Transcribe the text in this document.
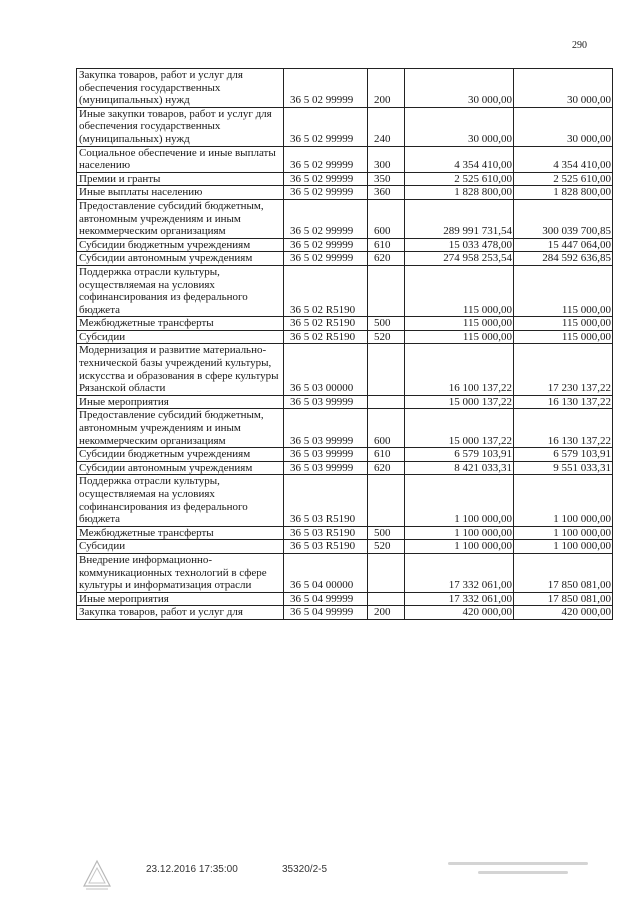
290
Закупка товаров, работ и услуг для обеспечения государственных (муниципальных) нужд	36 5 02 99999	200	30 000,00	30 000,00
Иные закупки товаров, работ и услуг для обеспечения государственных (муниципальных) нужд	36 5 02 99999	240	30 000,00	30 000,00
Социальное обеспечение и иные выплаты населению	36 5 02 99999	300	4 354 410,00	4 354 410,00
Премии и гранты	36 5 02 99999	350	2 525 610,00	2 525 610,00
Иные выплаты населению	36 5 02 99999	360	1 828 800,00	1 828 800,00
Предоставление субсидий бюджетным, автономным учреждениям и иным некоммерческим организациям	36 5 02 99999	600	289 991 731,54	300 039 700,85
Субсидии бюджетным учреждениям	36 5 02 99999	610	15 033 478,00	15 447 064,00
Субсидии автономным учреждениям	36 5 02 99999	620	274 958 253,54	284 592 636,85
Поддержка отрасли культуры, осуществляемая на условиях софинансирования из федерального бюджета	36 5 02 R5190		115 000,00	115 000,00
Межбюджетные трансферты	36 5 02 R5190	500	115 000,00	115 000,00
Субсидии	36 5 02 R5190	520	115 000,00	115 000,00
Модернизация и развитие материально-технической базы учреждений культуры, искусства и образования в сфере культуры Рязанской области	36 5 03 00000		16 100 137,22	17 230 137,22
Иные мероприятия	36 5 03 99999		15 000 137,22	16 130 137,22
Предоставление субсидий бюджетным, автономным учреждениям и иным некоммерческим организациям	36 5 03 99999	600	15 000 137,22	16 130 137,22
Субсидии бюджетным учреждениям	36 5 03 99999	610	6 579 103,91	6 579 103,91
Субсидии автономным учреждениям	36 5 03 99999	620	8 421 033,31	9 551 033,31
Поддержка отрасли культуры, осуществляемая на условиях софинансирования из федерального бюджета	36 5 03 R5190		1 100 000,00	1 100 000,00
Межбюджетные трансферты	36 5 03 R5190	500	1 100 000,00	1 100 000,00
Субсидии	36 5 03 R5190	520	1 100 000,00	1 100 000,00
Внедрение информационно-коммуникационных технологий в сфере культуры и информатизация отрасли	36 5 04 00000		17 332 061,00	17 850 081,00
Иные мероприятия	36 5 04 99999		17 332 061,00	17 850 081,00
Закупка товаров, работ и услуг для	36 5 04 99999	200	420 000,00	420 000,00
23.12.2016 17:35:00	35320/2-5
